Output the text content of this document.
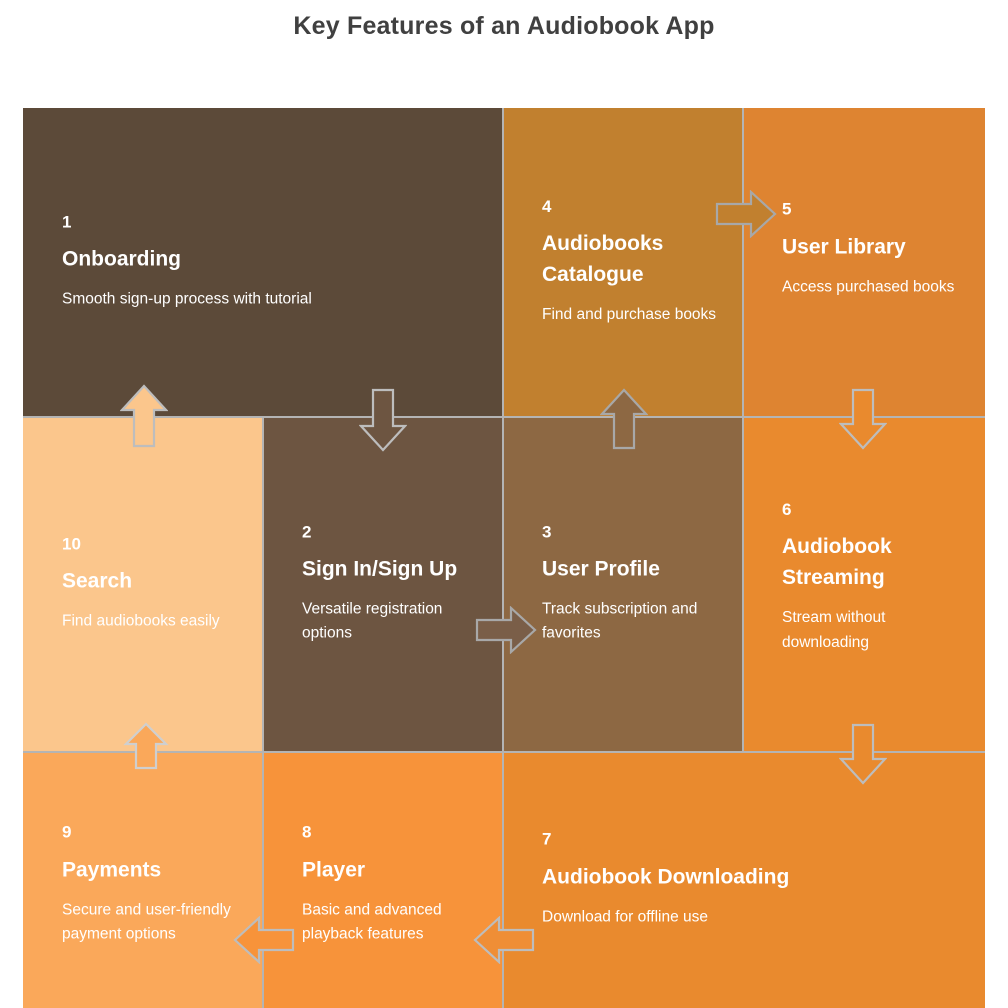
Key Features of an Audiobook App
1
Onboarding
Smooth sign-up process with tutorial
4
Audiobooks Catalogue
Find and purchase books
5
User Library
Access purchased books
10
Search
Find audiobooks easily
2
Sign In/Sign Up
Versatile registration options
3
User Profile
Track subscription and favorites
6
Audiobook Streaming
Stream without downloading
9
Payments
Secure and user-friendly payment options
8
Player
Basic and advanced playback features
7
Audiobook Downloading
Download for offline use
